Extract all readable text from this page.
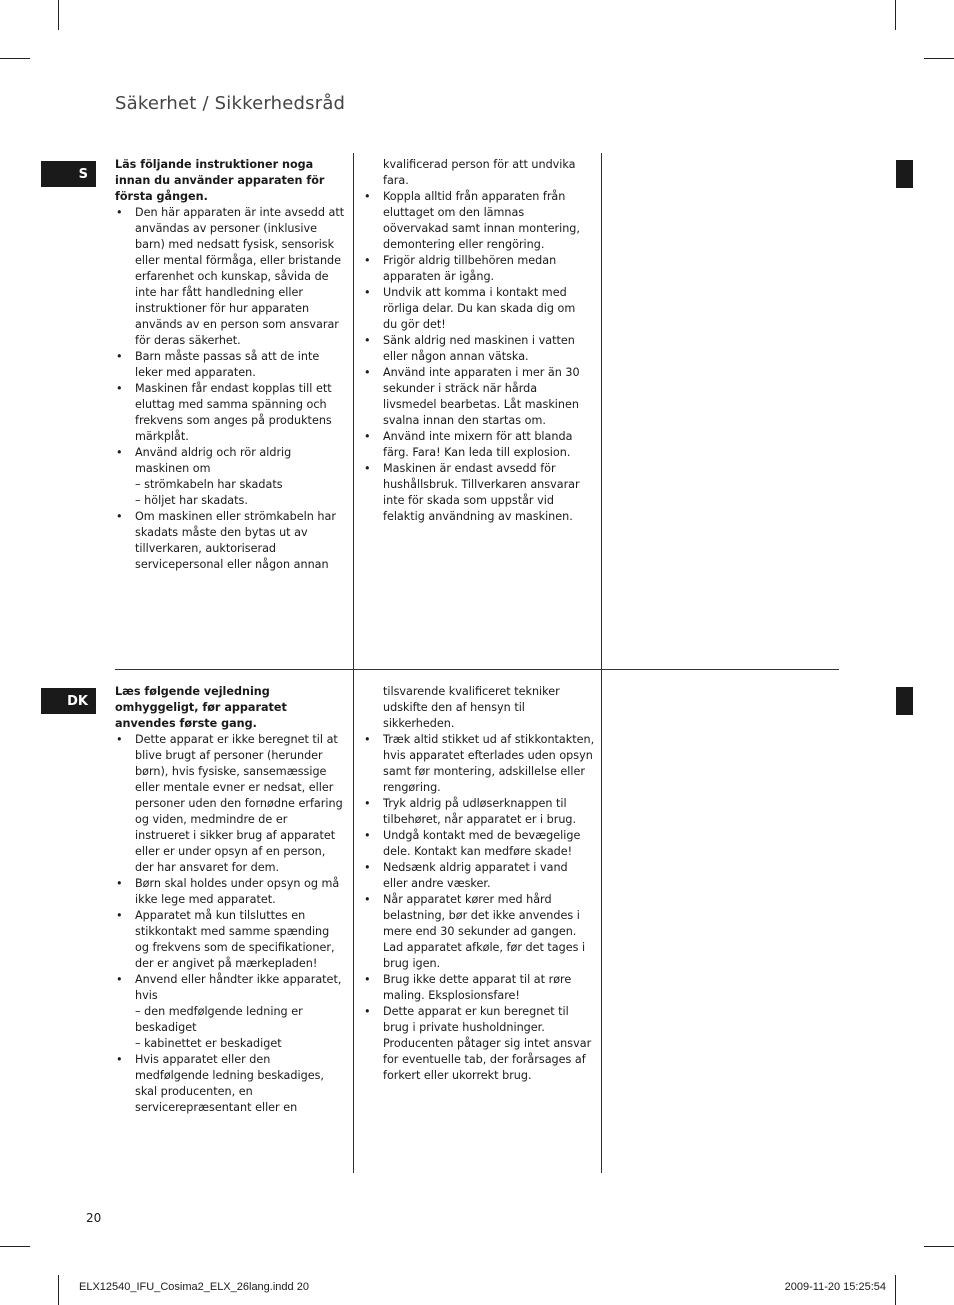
Säkerhet / Sikkerhedsråd
S
DK

Läs följande instruktioner noga innan du använder apparaten för första gången.

• Den här apparaten är inte avsedd att användas av personer (inklusive barn) med nedsatt fysisk, sensorisk eller mental förmåga, eller bristande erfarenhet och kunskap, såvida de inte har fått handledning eller instruktioner för hur apparaten används av en person som ansvarar för deras säkerhet.
• Barn måste passas så att de inte leker med apparaten.
• Maskinen får endast kopplas till ett eluttag med samma spänning och frekvens som anges på produktens märkplåt.
• Använd aldrig och rör aldrig maskinen om
– strömkabeln har skadats
– höljet har skadats.
• Om maskinen eller strömkabeln har skadats måste den bytas ut av tillverkaren, auktoriserad servicepersonal eller någon annan

kvalificerad person för att undvika fara.

• Koppla alltid från apparaten från eluttaget om den lämnas oövervakad samt innan montering, demontering eller rengöring.
• Frigör aldrig tillbehören medan apparaten är igång.
• Undvik att komma i kontakt med rörliga delar. Du kan skada dig om du gör det!
• Sänk aldrig ned maskinen i vatten eller någon annan vätska.
• Använd inte apparaten i mer än 30 sekunder i sträck när hårda livsmedel bearbetas. Låt maskinen svalna innan den startas om.
• Använd inte mixern för att blanda färg. Fara! Kan leda till explosion.
• Maskinen är endast avsedd för hushållsbruk. Tillverkaren ansvarar inte för skada som uppstår vid felaktig användning av maskinen.

Læs følgende vejledning omhyggeligt, før apparatet anvendes første gang.

• Dette apparat er ikke beregnet til at blive brugt af personer (herunder børn), hvis fysiske, sansemæssige eller mentale evner er nedsat, eller personer uden den fornødne erfaring og viden, medmindre de er instrueret i sikker brug af apparatet eller er under opsyn af en person, der har ansvaret for dem.
• Børn skal holdes under opsyn og må ikke lege med apparatet.
• Apparatet må kun tilsluttes en stikkontakt med samme spænding og frekvens som de specifikationer, der er angivet på mærkepladen!
• Anvend eller håndter ikke apparatet, hvis
– den medfølgende ledning er beskadiget
– kabinettet er beskadiget
• Hvis apparatet eller den medfølgende ledning beskadiges, skal producenten, en servicerepræsentant eller en

tilsvarende kvalificeret tekniker udskifte den af hensyn til sikkerheden.

• Træk altid stikket ud af stikkontakten, hvis apparatet efterlades uden opsyn samt før montering, adskillelse eller rengøring.
• Tryk aldrig på udløserknappen til tilbehøret, når apparatet er i brug.
• Undgå kontakt med de bevægelige dele. Kontakt kan medføre skade!
• Nedsænk aldrig apparatet i vand eller andre væsker.
• Når apparatet kører med hård belastning, bør det ikke anvendes i mere end 30 sekunder ad gangen. Lad apparatet afkøle, før det tages i brug igen.
• Brug ikke dette apparat til at røre maling. Eksplosionsfare!
• Dette apparat er kun beregnet til brug i private husholdninger. Producenten påtager sig intet ansvar for eventuelle tab, der forårsages af forkert eller ukorrekt brug.
20
ELX12540_IFU_Cosima2_ELX_26lang.indd 20	2009-11-20 15:25:54
